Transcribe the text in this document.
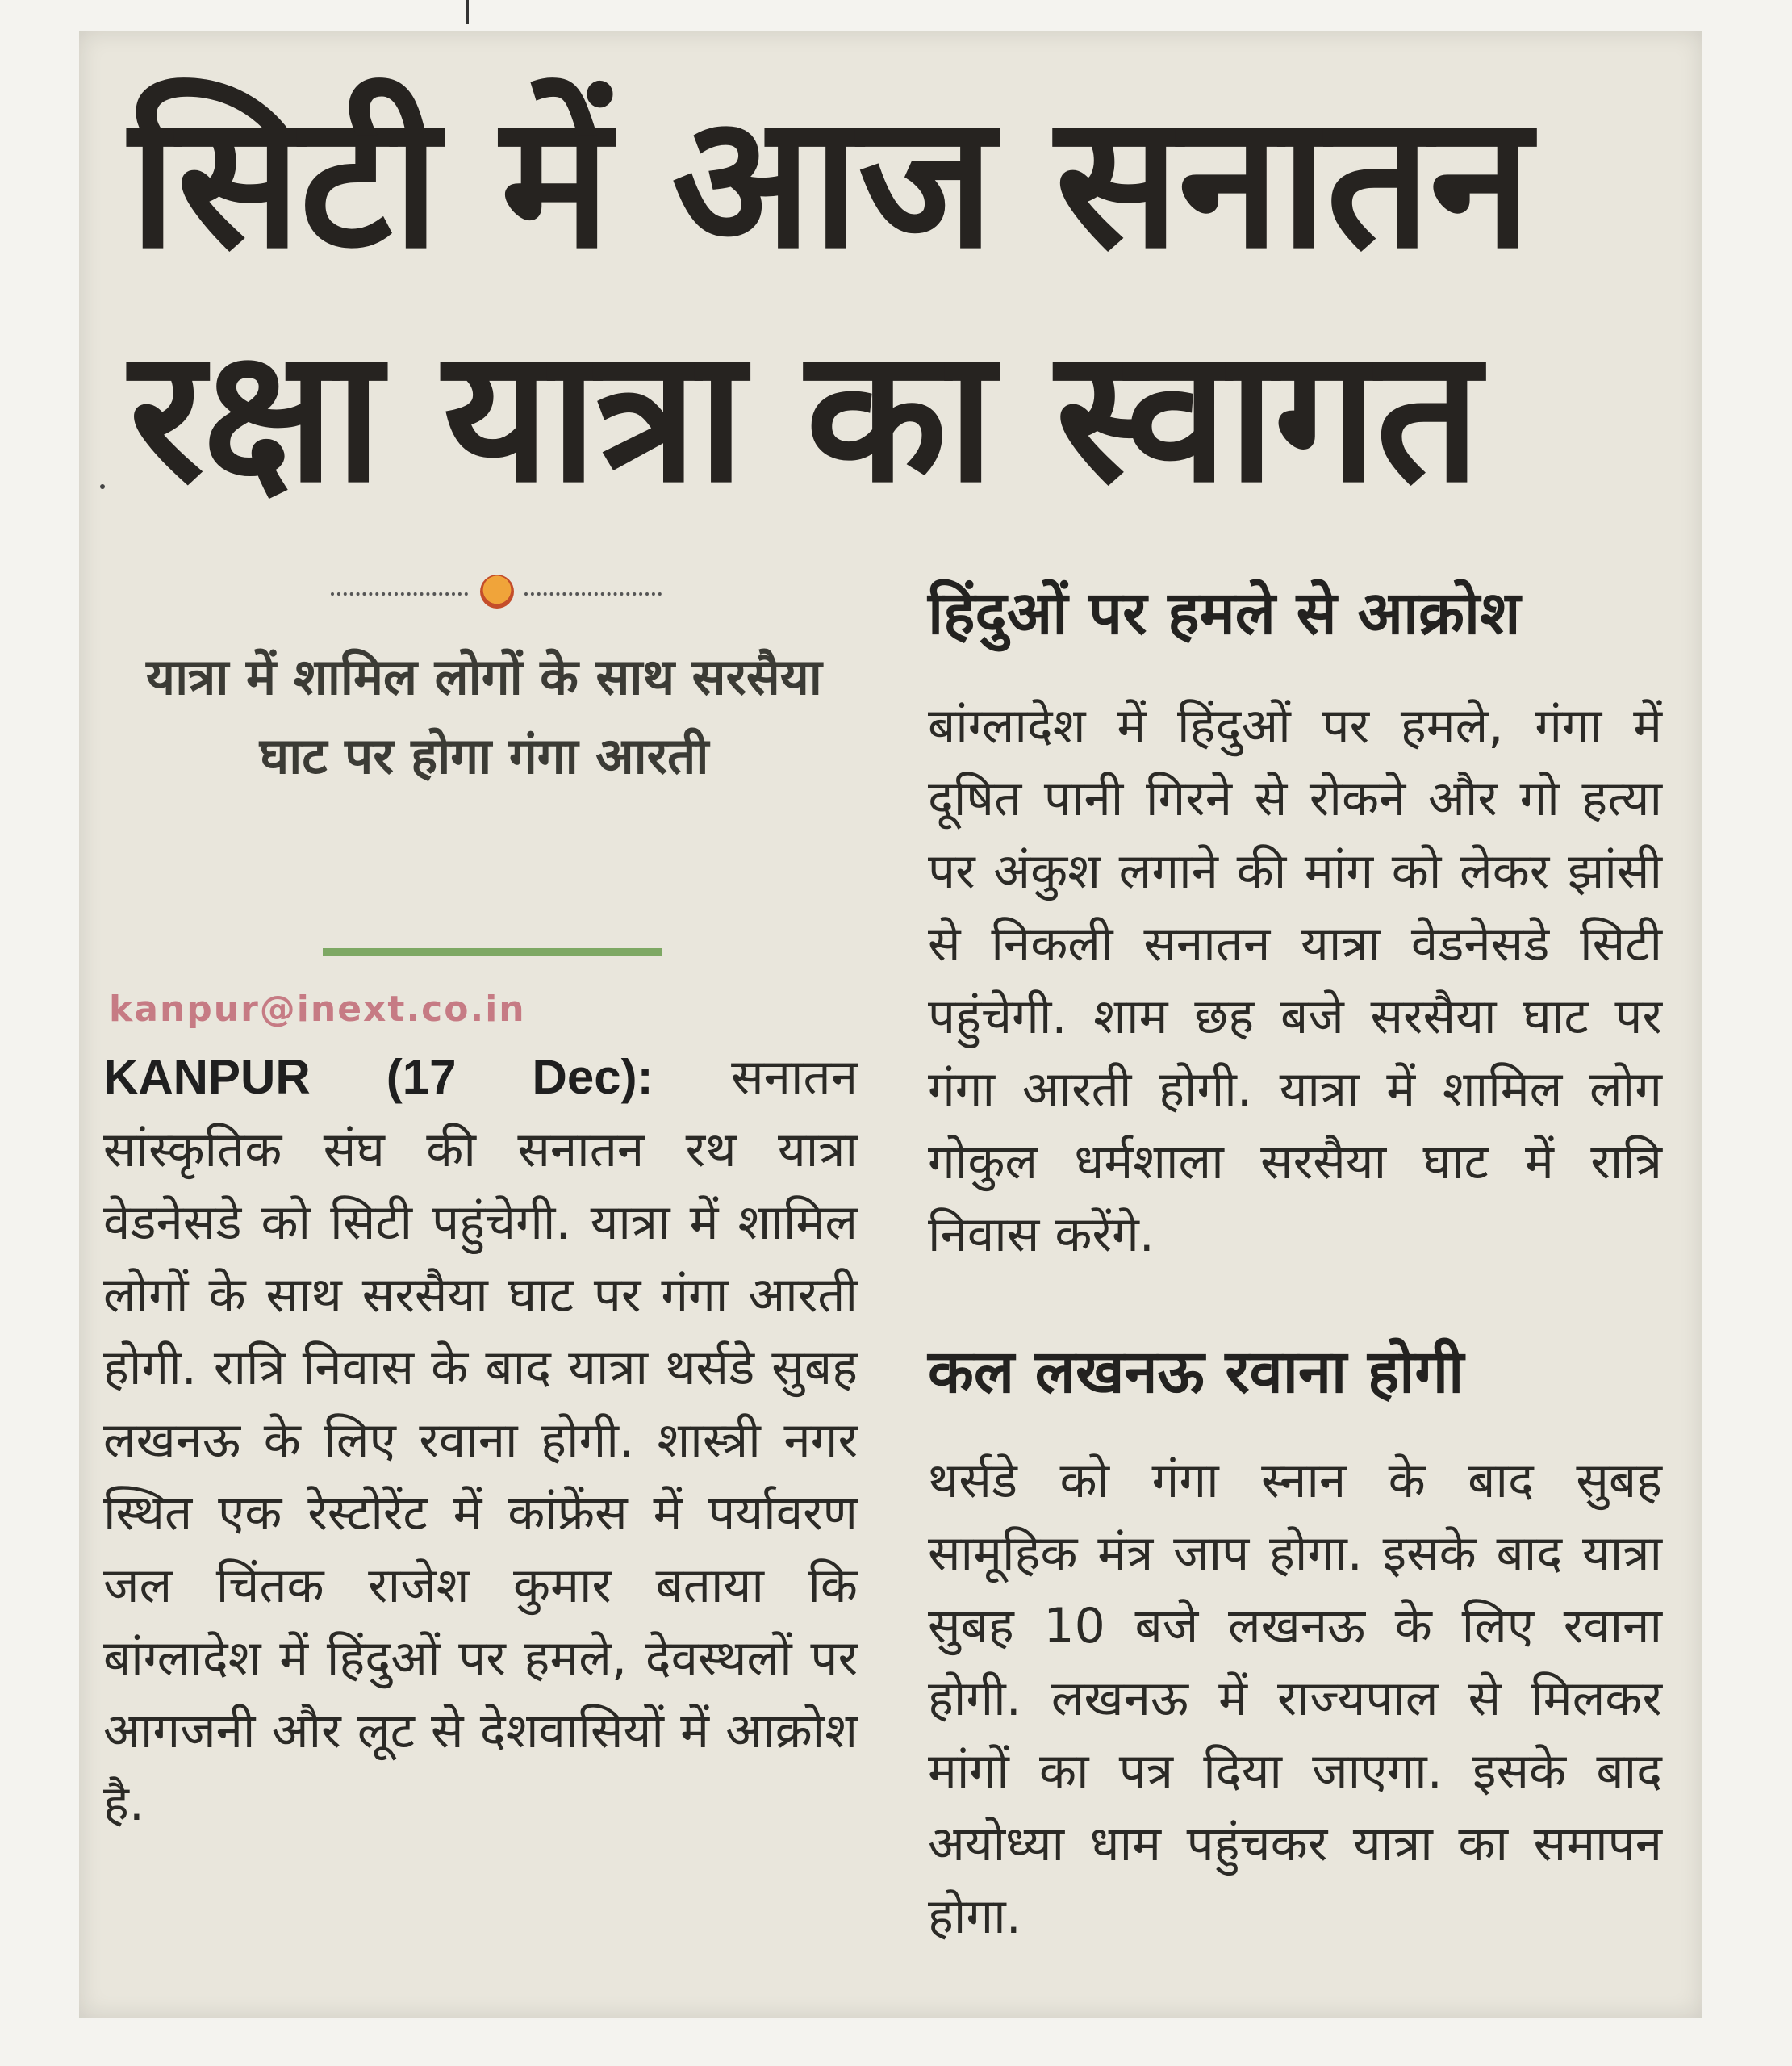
सिटी में आज सनातन
रक्षा यात्रा का स्वागत
यात्रा में शामिल लोगों के साथ सरसैया घाट पर होगा गंगा आरती
kanpur@inext.co.in
KANPUR (17 Dec): सनातन सांस्कृतिक संघ की सनातन रथ यात्रा वेडनेसडे को सिटी पहुंचेगी. यात्रा में शामिल लोगों के साथ सरसैया घाट पर गंगा आरती होगी. रात्रि निवास के बाद यात्रा थर्सडे सुबह लखनऊ के लिए रवाना होगी. शास्त्री नगर स्थित एक रेस्टोरेंट में कांफ्रेंस में पर्यावरण जल चिंतक राजेश कुमार बताया कि बांग्लादेश में हिंदुओं पर हमले, देवस्थलों पर आगजनी और लूट से देशवासियों में आक्रोश है.
हिंदुओं पर हमले से आक्रोश
बांग्लादेश में हिंदुओं पर हमले, गंगा में दूषित पानी गिरने से रोकने और गो हत्या पर अंकुश लगाने की मांग को लेकर झांसी से निकली सनातन यात्रा वेडनेसडे सिटी पहुंचेगी. शाम छह बजे सरसैया घाट पर गंगा आरती होगी. यात्रा में शामिल लोग गोकुल धर्मशाला सरसैया घाट में रात्रि निवास करेंगे.
कल लखनऊ रवाना होगी
थर्सडे को गंगा स्नान के बाद सुबह सामूहिक मंत्र जाप होगा. इसके बाद यात्रा सुबह 10 बजे लखनऊ के लिए रवाना होगी. लखनऊ में राज्यपाल से मिलकर मांगों का पत्र दिया जाएगा. इसके बाद अयोध्या धाम पहुंचकर यात्रा का समापन होगा.
